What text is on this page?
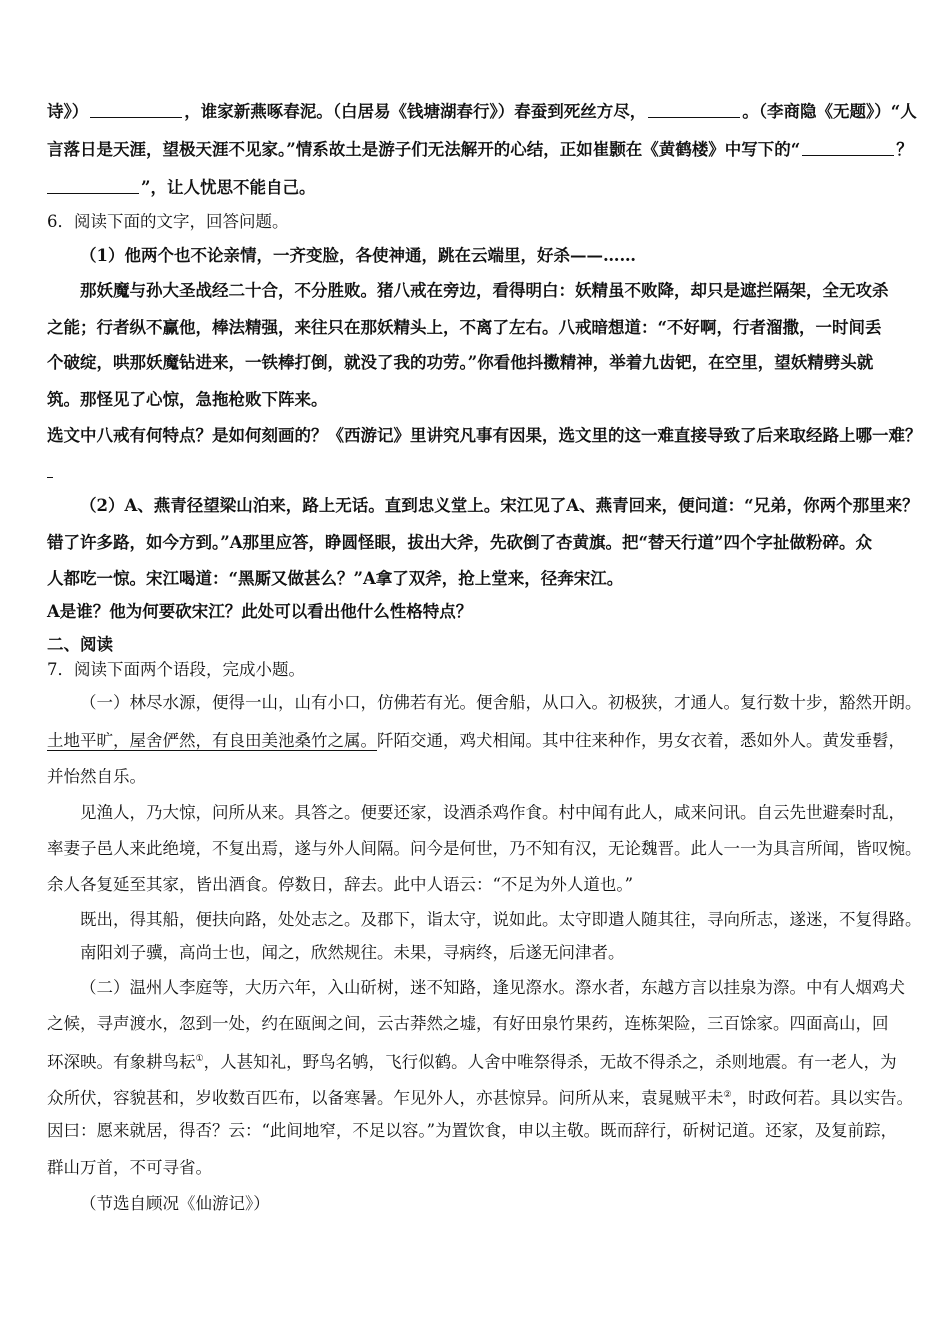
诗》）	，谁家新燕啄春泥。（白居易《钱塘湖春行》）春蚕到死丝方尽，	。（李商隐《无题》）“人
言落日是天涯，望极天涯不见家。”情系故土是游子们无法解开的心结，正如崔颢在《黄鹤楼》中写下的“	？
”，让人忧思不能自己。
6．阅读下面的文字，回答问题。
（1）他两个也不论亲情，一齐变脸，各使神通，跳在云端里，好杀——……
那妖魔与孙大圣战经二十合，不分胜败。猪八戒在旁边，看得明白：妖精虽不败降，却只是遮拦隔架，全无攻杀
之能；行者纵不赢他，棒法精强，来往只在那妖精头上，不离了左右。八戒暗想道：“不好啊，行者溜撒，一时间丢
个破绽，哄那妖魔钻进来，一铁棒打倒，就没了我的功劳。”你看他抖擞精神，举着九齿钯，在空里，望妖精劈头就
筑。那怪见了心惊，急拖枪败下阵来。
选文中八戒有何特点？是如何刻画的？《西游记》里讲究凡事有因果，选文里的这一难直接导致了后来取经路上哪一难？
（2）A、燕青径望梁山泊来，路上无话。直到忠义堂上。宋江见了A、燕青回来，便问道：“兄弟，你两个那里来？
错了许多路，如今方到。”A那里应答，睁圆怪眼，拔出大斧，先砍倒了杏黄旗。把“替天行道”四个字扯做粉碎。众
人都吃一惊。宋江喝道：“黑厮又做甚么？”A拿了双斧，抢上堂来，径奔宋江。
A是谁？他为何要砍宋江？此处可以看出他什么性格特点？
二、阅读
7．阅读下面两个语段，完成小题。
（一）林尽水源，便得一山，山有小口，仿佛若有光。便舍船，从口入。初极狭，才通人。复行数十步，豁然开朗。
土地平旷，屋舍俨然，有良田美池桑竹之属。阡陌交通，鸡犬相闻。其中往来种作，男女衣着，悉如外人。黄发垂髫，
并怡然自乐。
见渔人，乃大惊，问所从来。具答之。便要还家，设酒杀鸡作食。村中闻有此人，咸来问讯。自云先世避秦时乱，
率妻子邑人来此绝境，不复出焉，遂与外人间隔。问今是何世，乃不知有汉，无论魏晋。此人一一为具言所闻，皆叹惋。
余人各复延至其家，皆出酒食。停数日，辞去。此中人语云：“不足为外人道也。”
既出，得其船，便扶向路，处处志之。及郡下，诣太守，说如此。太守即遣人随其往，寻向所志，遂迷，不复得路。
南阳刘子骥，高尚士也，闻之，欣然规往。未果，寻病终，后遂无问津者。
（二）温州人李庭等，大历六年，入山斫树，迷不知路，逢见漈水。漈水者，东越方言以挂泉为漈。中有人烟鸡犬
之候，寻声渡水，忽到一处，约在瓯闽之间，云古莽然之墟，有好田泉竹果药，连栋架险，三百馀家。四面高山，回
环深映。有象耕鸟耘①，人甚知礼，野鸟名鸲，飞行似鹤。人舍中唯祭得杀，无故不得杀之，杀则地震。有一老人，为
众所伏，容貌甚和，岁收数百匹布，以备寒暑。乍见外人，亦甚惊异。问所从来，袁晁贼平未②，时政何若。具以实告。
因曰：愿来就居，得否？云：“此间地窄，不足以容。”为置饮食，申以主敬。既而辞行，斫树记道。还家，及复前踪，
群山万首，不可寻省。
（节选自顾况《仙游记》）
